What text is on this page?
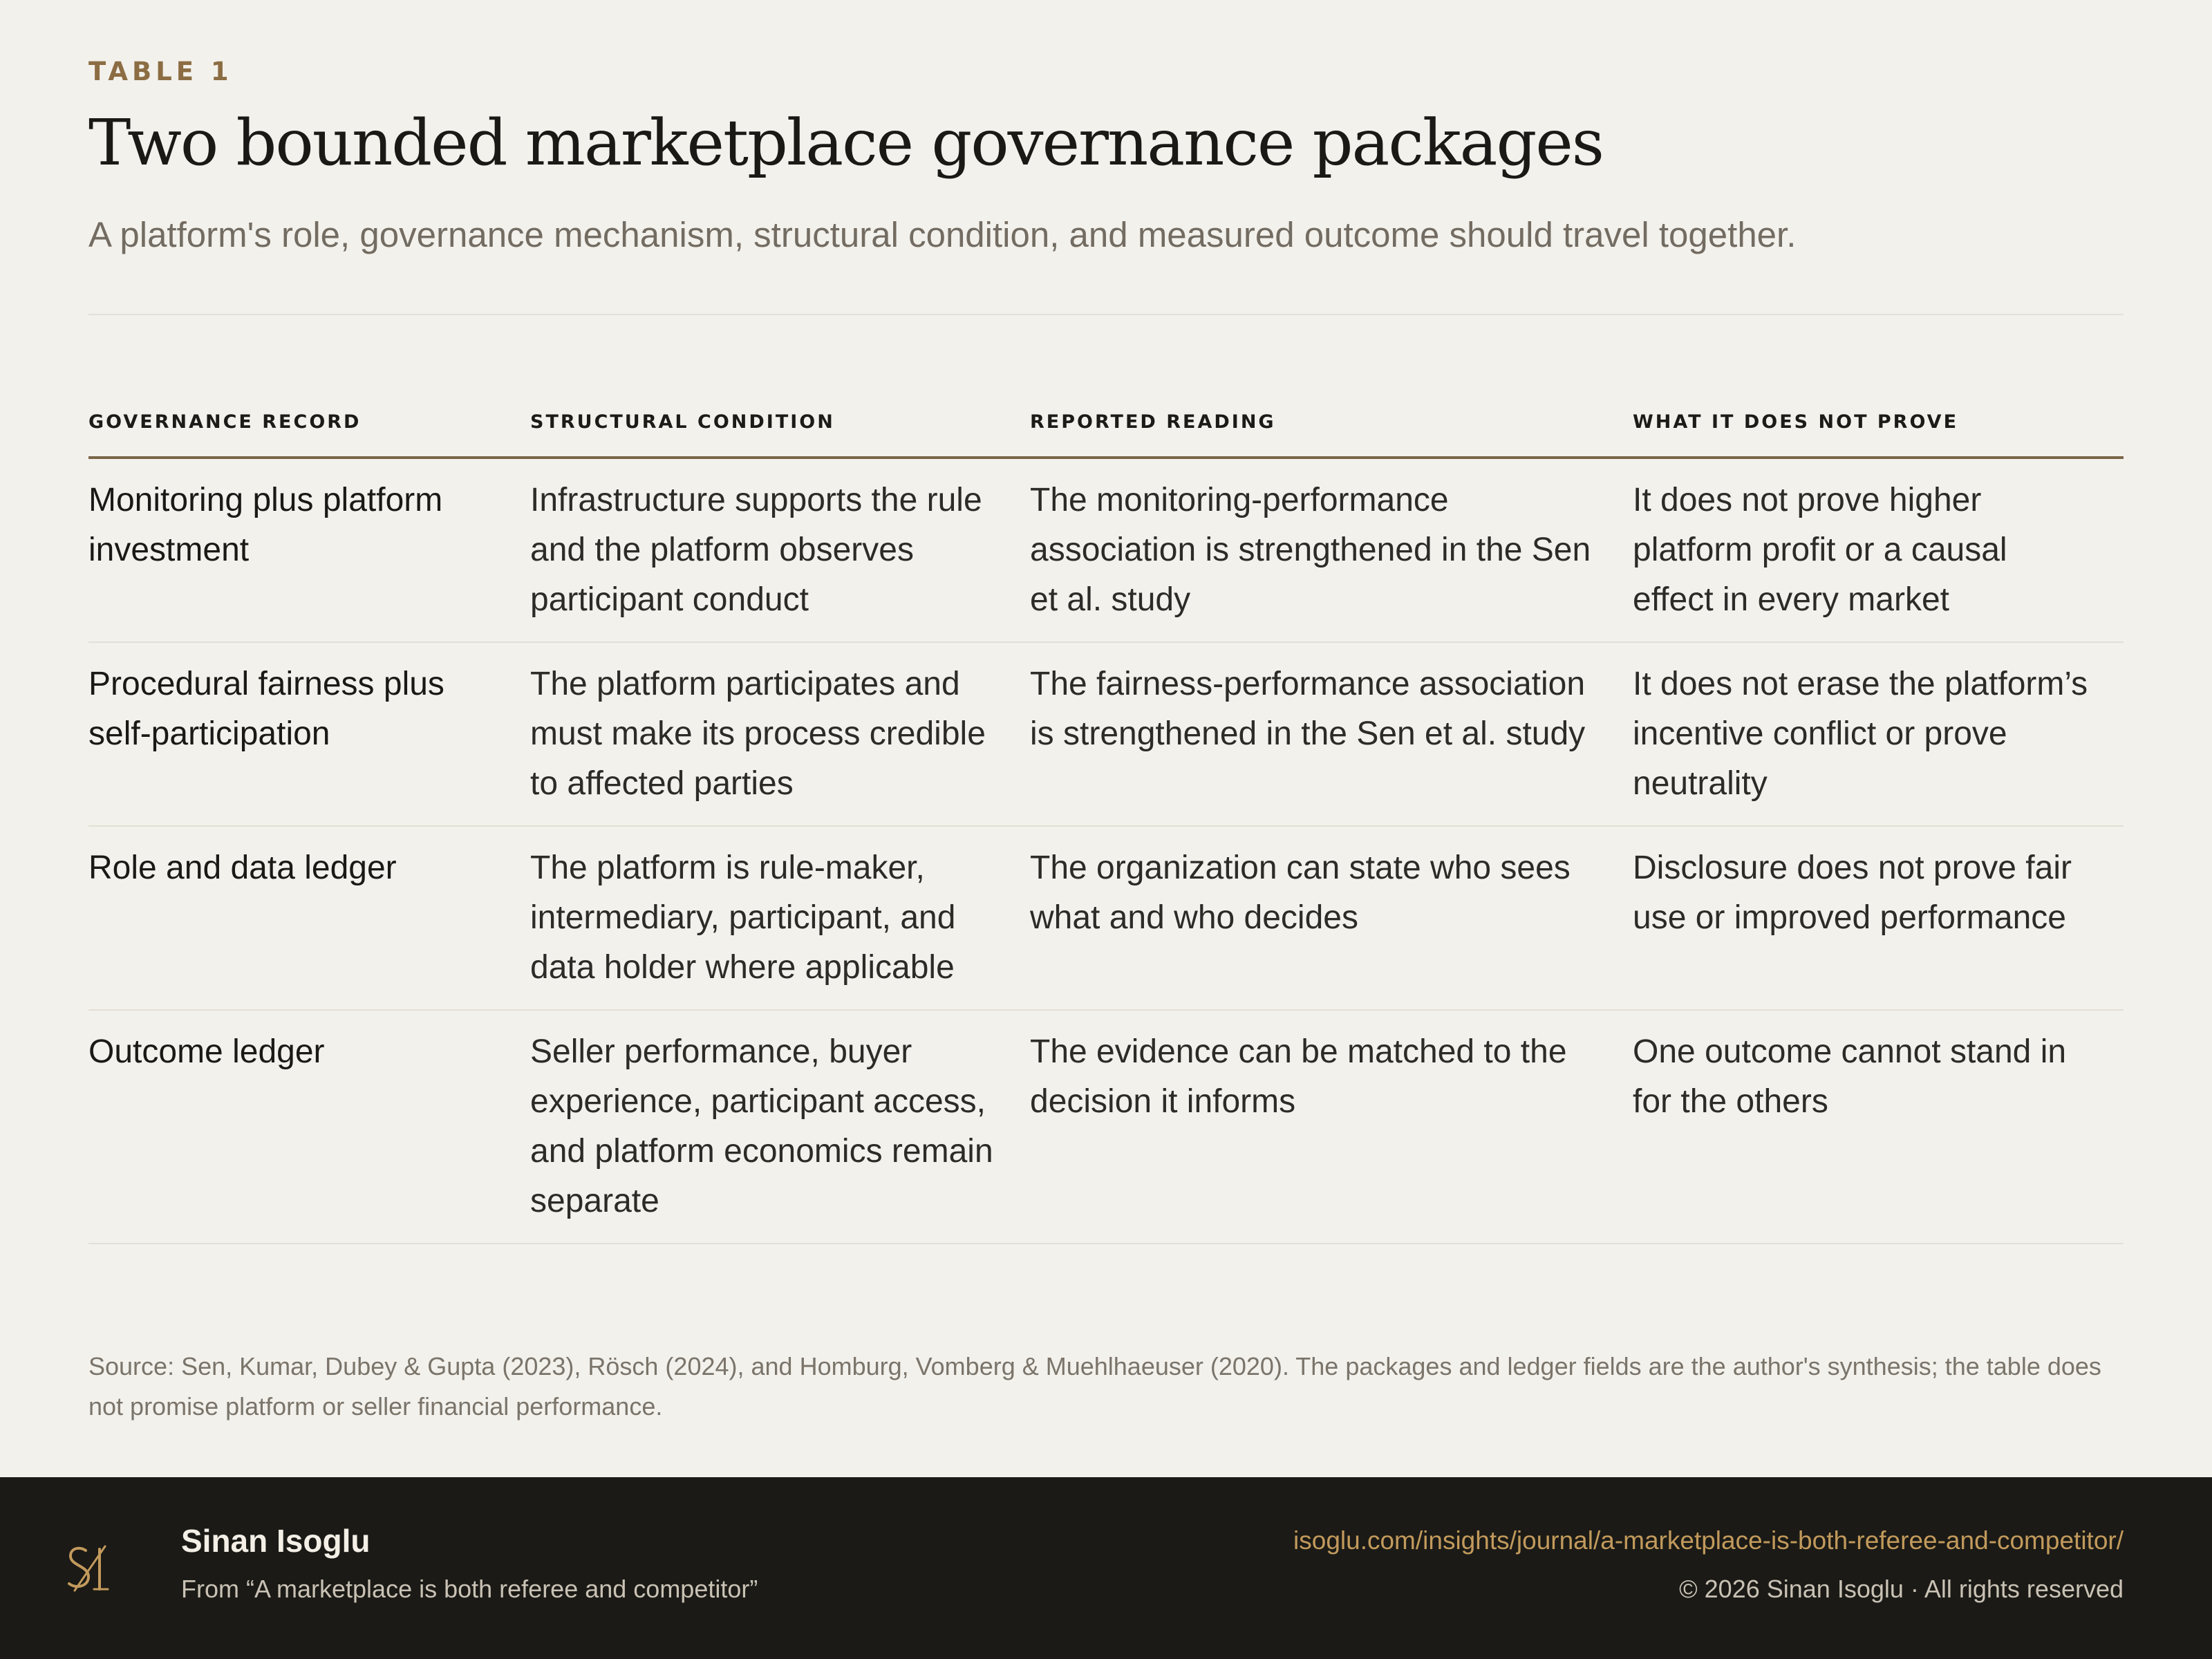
TABLE 1
Two bounded marketplace governance packages
A platform's role, governance mechanism, structural condition, and measured outcome should travel together.
GOVERNANCE RECORD	STRUCTURAL CONDITION	REPORTED READING	WHAT IT DOES NOT PROVE
Monitoring plus platform investment	Infrastructure supports the rule and the platform observes participant conduct	The monitoring-performance association is strengthened in the Sen et al. study	It does not prove higher platform profit or a causal effect in every market
Procedural fairness plus self-participation	The platform participates and must make its process credible to affected parties	The fairness-performance association is strengthened in the Sen et al. study	It does not erase the platform’s incentive conflict or prove neutrality
Role and data ledger	The platform is rule-maker, intermediary, participant, and data holder where applicable	The organization can state who sees what and who decides	Disclosure does not prove fair use or improved performance
Outcome ledger	Seller performance, buyer experience, participant access, and platform economics remain separate	The evidence can be matched to the decision it informs	One outcome cannot stand in for the others
Source: Sen, Kumar, Dubey & Gupta (2023), Rösch (2024), and Homburg, Vomberg & Muehlhaeuser (2020). The packages and ledger fields are the author's synthesis; the table does not promise platform or seller financial performance.
Sinan Isoglu
From “A marketplace is both referee and competitor”
isoglu.com/insights/journal/a-marketplace-is-both-referee-and-competitor/
© 2026 Sinan Isoglu · All rights reserved
